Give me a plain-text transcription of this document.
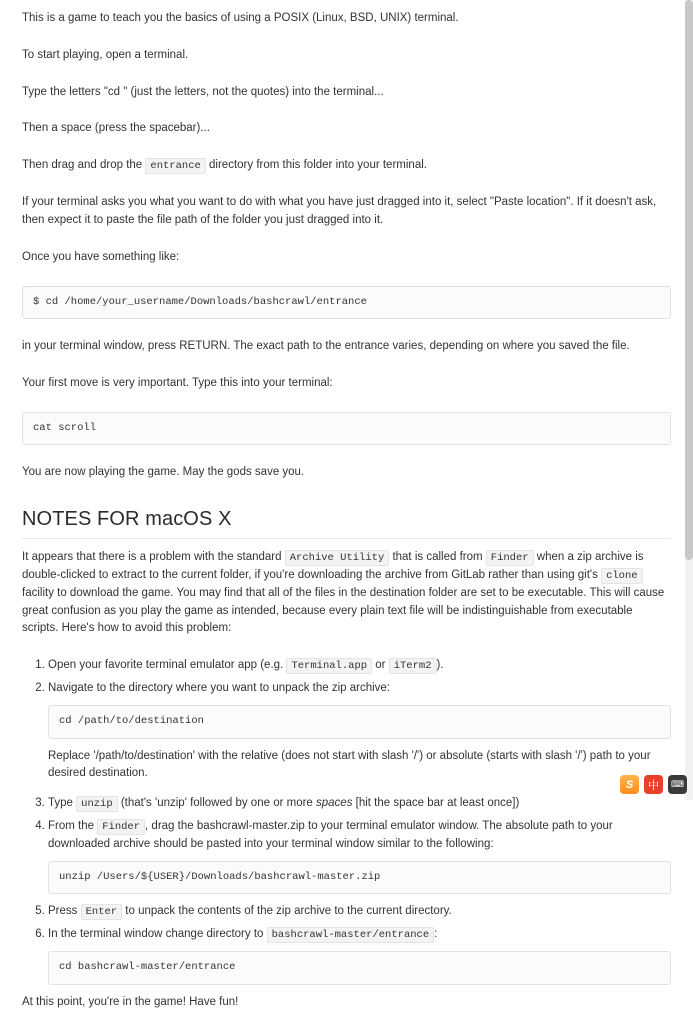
This is a game to teach you the basics of using a POSIX (Linux, BSD, UNIX) terminal.

To start playing, open a terminal.

Type the letters "cd " (just the letters, not the quotes) into the terminal...

Then a space (press the spacebar)...

Then drag and drop the entrance directory from this folder into your terminal.

If your terminal asks you what you want to do with what you have just dragged into it, select "Paste location". If it doesn't ask, then expect it to paste the file path of the folder you just dragged into it.

Once you have something like:

$ cd /home/your_username/Downloads/bashcrawl/entrance

in your terminal window, press RETURN. The exact path to the entrance varies, depending on where you saved the file.

Your first move is very important. Type this into your terminal:

cat scroll

You are now playing the game. May the gods save you.

NOTES FOR macOS X

It appears that there is a problem with the standard Archive Utility that is called from Finder when a zip archive is double-clicked to extract to the current folder, if you're downloading the archive from GitLab rather than using git's clone facility to download the game. You may find that all of the files in the destination folder are set to be executable. This will cause great confusion as you play the game as intended, because every plain text file will be indistinguishable from executable scripts. Here's how to avoid this problem:

1. Open your favorite terminal emulator app (e.g. Terminal.app or iTerm2 ).
2. Navigate to the directory where you want to unpack the zip archive:
cd /path/to/destination
Replace '/path/to/destination' with the relative (does not start with slash '/') or absolute (starts with slash '/') path to your desired destination.
3. Type unzip (that's 'unzip' followed by one or more spaces [hit the space bar at least once])
4. From the Finder , drag the bashcrawl-master.zip to your terminal emulator window. The absolute path to your downloaded archive should be pasted into your terminal window similar to the following:
unzip /Users/${USER}/Downloads/bashcrawl-master.zip
5. Press Enter to unpack the contents of the zip archive to the current directory.
6. In the terminal window change directory to bashcrawl-master/entrance :
cd bashcrawl-master/entrance

At this point, you're in the game! Have fun!

S	中	⌨
